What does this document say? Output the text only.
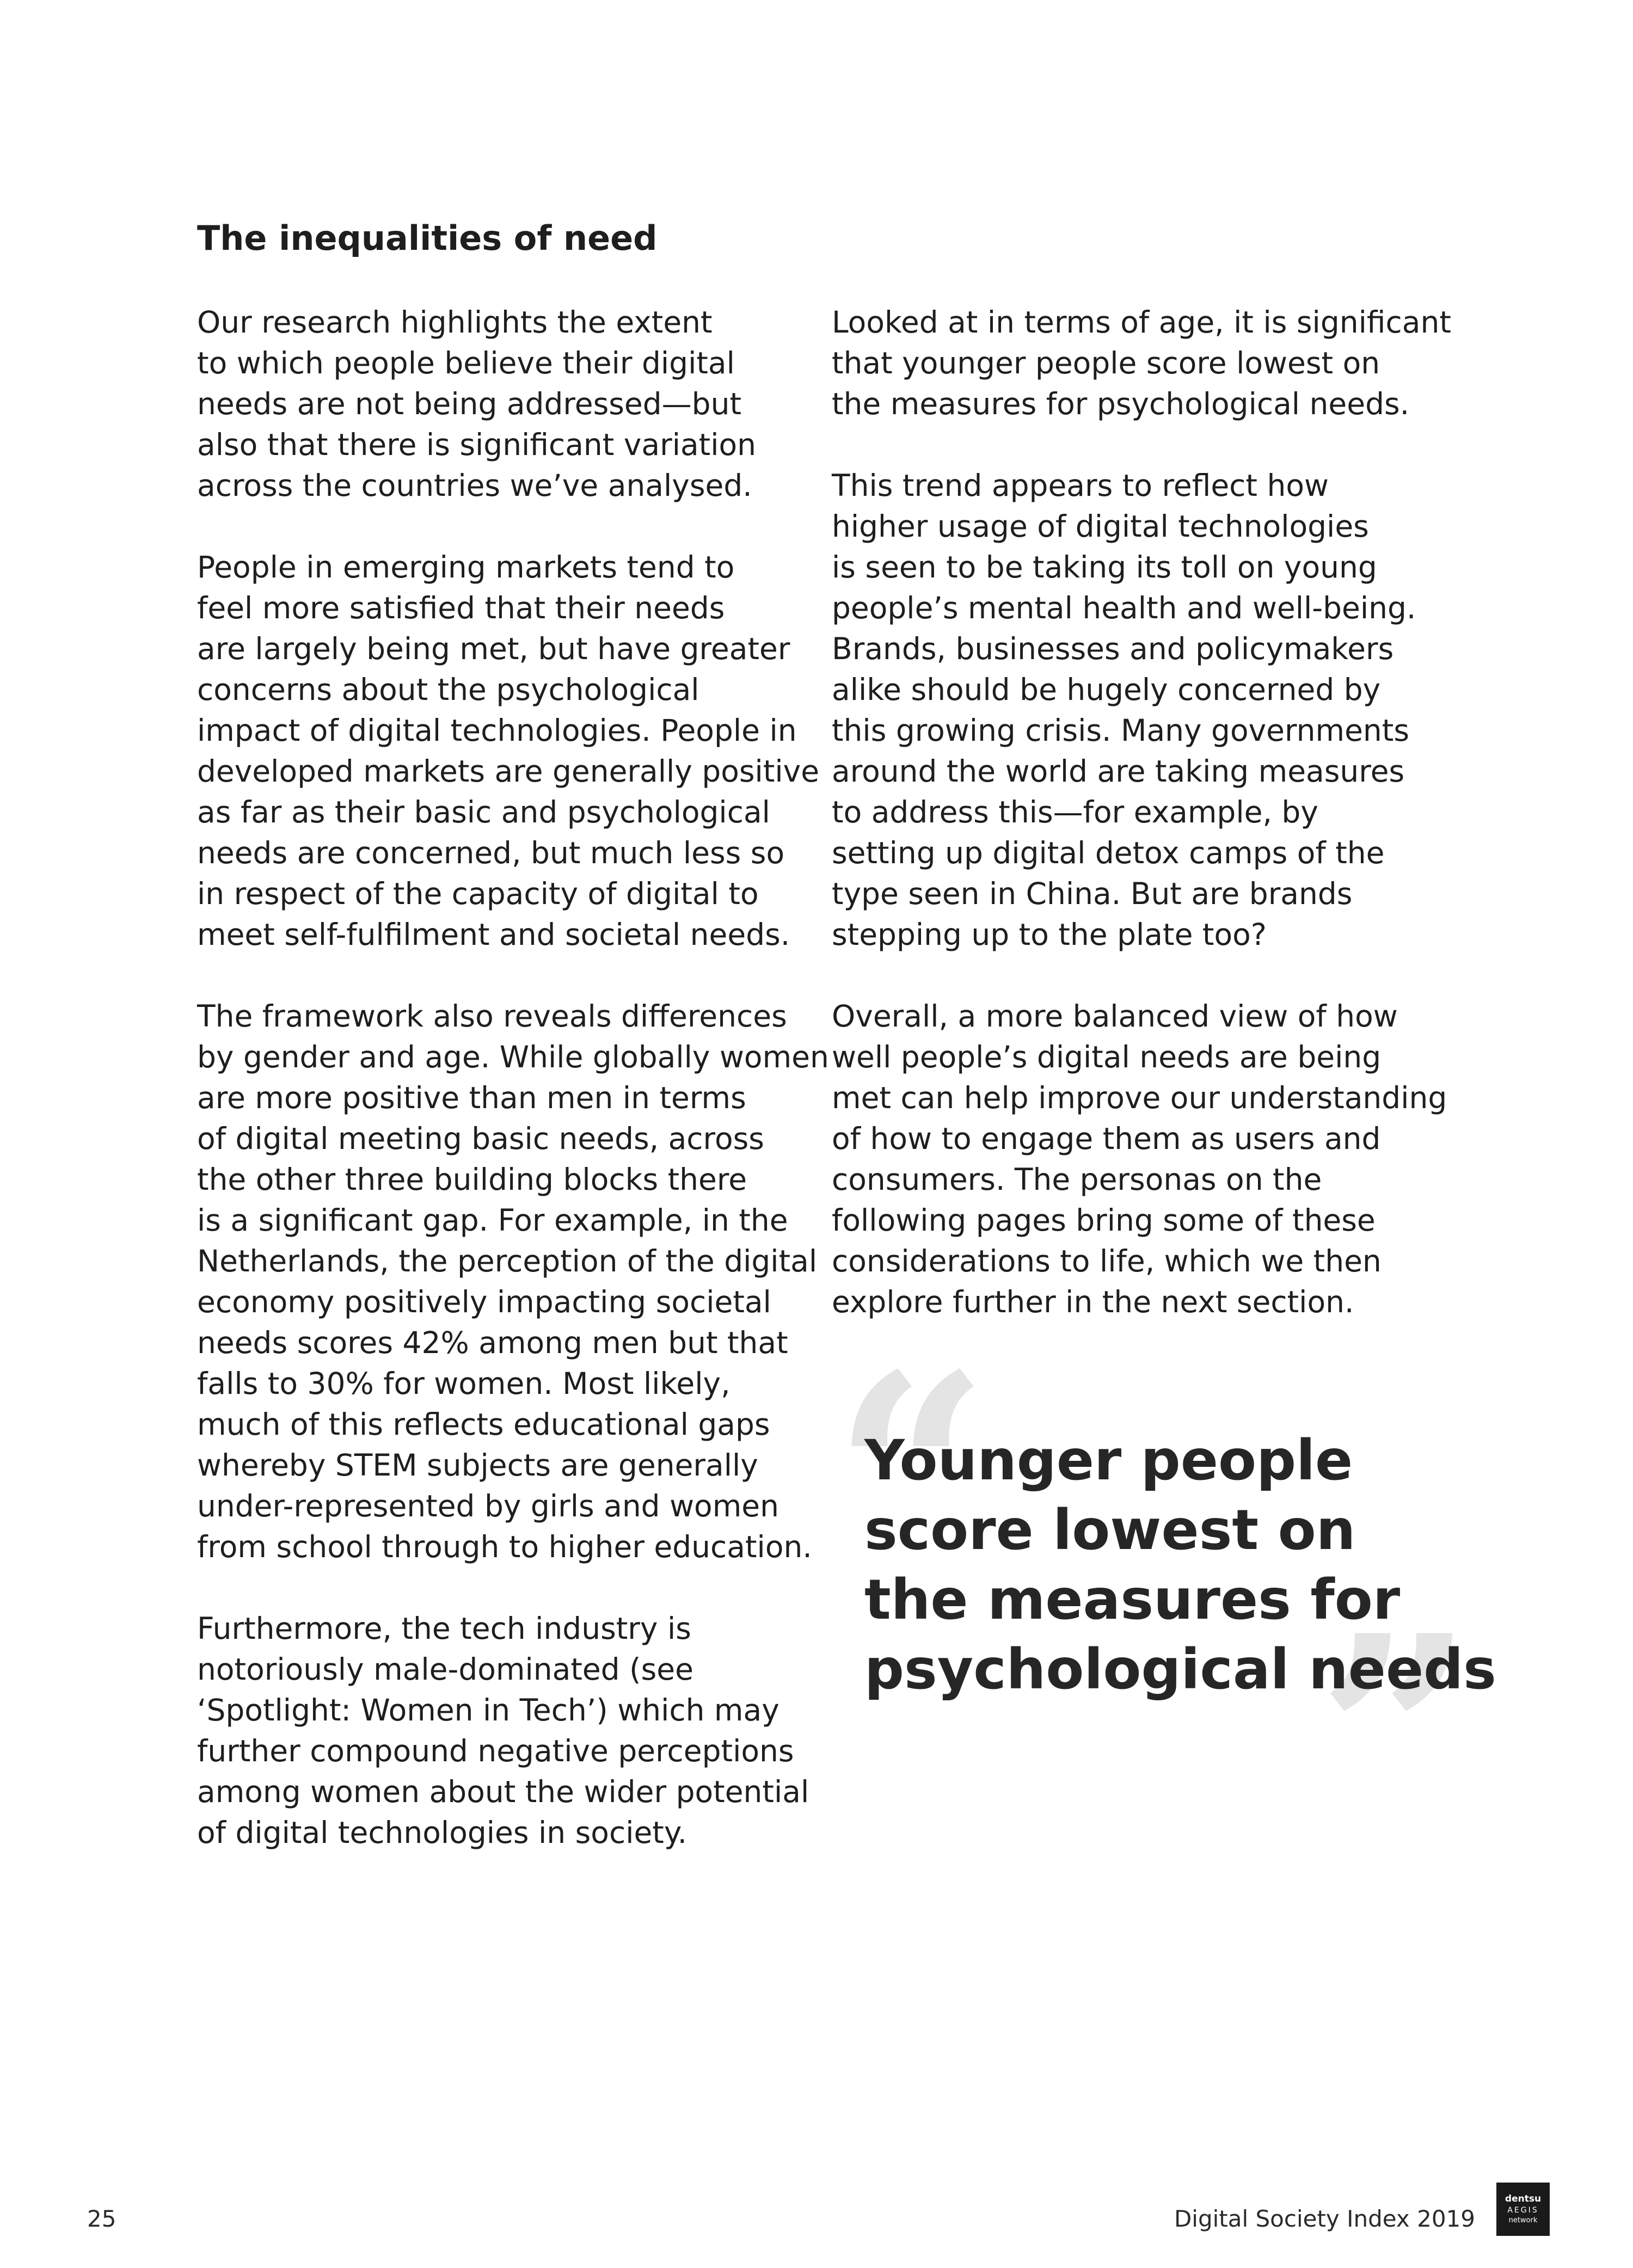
The inequalities of need

Our research highlights the extent
to which people believe their digital
needs are not being addressed—but
also that there is significant variation
across the countries we’ve analysed.

People in emerging markets tend to
feel more satisfied that their needs
are largely being met, but have greater
concerns about the psychological
impact of digital technologies. People in
developed markets are generally positive
as far as their basic and psychological
needs are concerned, but much less so
in respect of the capacity of digital to
meet self-fulfilment and societal needs.

The framework also reveals differences
by gender and age. While globally women
are more positive than men in terms
of digital meeting basic needs, across
the other three building blocks there
is a significant gap. For example, in the
Netherlands, the perception of the digital
economy positively impacting societal
needs scores 42% among men but that
falls to 30% for women. Most likely,
much of this reflects educational gaps
whereby STEM subjects are generally
under-represented by girls and women
from school through to higher education.

Furthermore, the tech industry is
notoriously male-dominated (see
‘Spotlight: Women in Tech’) which may
further compound negative perceptions
among women about the wider potential
of digital technologies in society.

Looked at in terms of age, it is significant
that younger people score lowest on
the measures for psychological needs.

This trend appears to reflect how
higher usage of digital technologies
is seen to be taking its toll on young
people’s mental health and well-being.
Brands, businesses and policymakers
alike should be hugely concerned by
this growing crisis. Many governments
around the world are taking measures
to address this—for example, by
setting up digital detox camps of the
type seen in China. But are brands
stepping up to the plate too?

Overall, a more balanced view of how
well people’s digital needs are being
met can help improve our understanding
of how to engage them as users and
consumers. The personas on the
following pages bring some of these
considerations to life, which we then
explore further in the next section.

“
”
Younger people
score lowest on
the measures for
psychological needs
25	Digital Society Index 2019
dentsu
AEGIS
network
